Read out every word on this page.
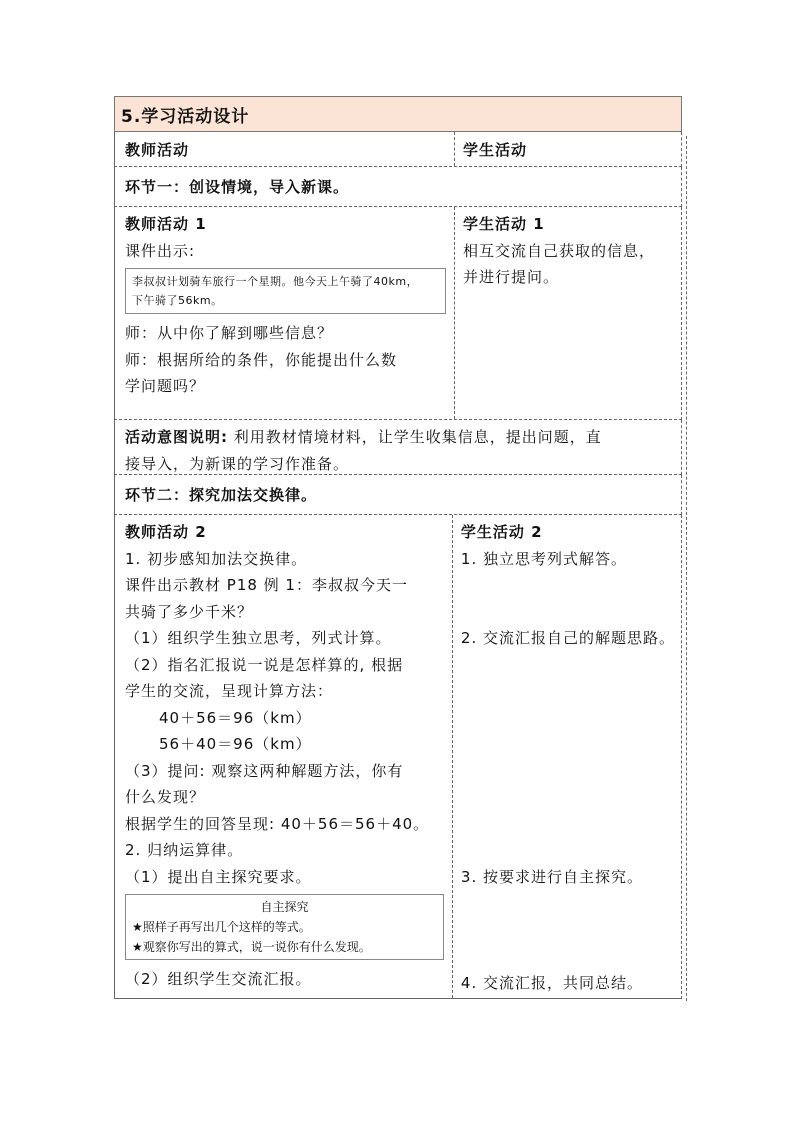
5.学习活动设计
教师活动	学生活动
环节一：创设情境，导入新课。
教师活动 1
课件出示:
李叔叔计划骑车旅行一个星期。他今天上午骑了40km，
下午骑了56km。
师：从中你了解到哪些信息？
师：根据所给的条件，你能提出什么数
学问题吗？
学生活动 1
相互交流自己获取的信息，
并进行提问。
活动意图说明: 利用教材情境材料，让学生收集信息，提出问题，直
接导入，为新课的学习作准备。
环节二：探究加法交换律。
教师活动 2
1. 初步感知加法交换律。
课件出示教材 P18 例 1：李叔叔今天一
共骑了多少千米？
（1）组织学生独立思考，列式计算。
（2）指名汇报说一说是怎样算的, 根据
学生的交流，呈现计算方法：
40＋56＝96（km）
56＋40＝96（km）
（3）提问: 观察这两种解题方法，你有
什么发现？
根据学生的回答呈现: 40＋56＝56＋40。
2. 归纳运算律。
（1）提出自主探究要求。
自主探究
★照样子再写出几个这样的等式。
★观察你写出的算式，说一说你有什么发现。
（2）组织学生交流汇报。
学生活动 2
1. 独立思考列式解答。
2. 交流汇报自己的解题思路。
3. 按要求进行自主探究。
4. 交流汇报，共同总结。
